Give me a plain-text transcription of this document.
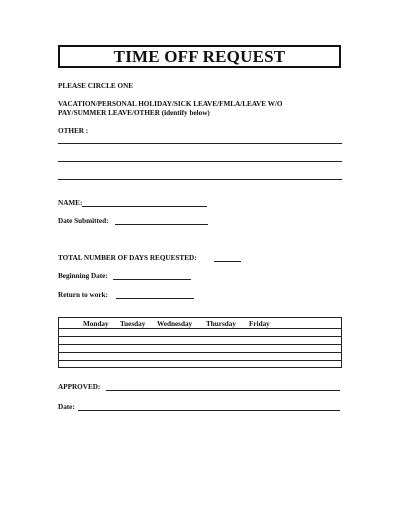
TIME OFF REQUEST
PLEASE CIRCLE ONE
VACATION/PERSONAL HOLIDAY/SICK LEAVE/FMLA/LEAVE W/O
PAY/SUMMER LEAVE/OTHER (identify below)
OTHER :
NAME:
Date Submitted:
TOTAL NUMBER OF DAYS REQUESTED:
Beginning Date:
Return to work:
Monday Tuesday Wednesday Thursday Friday
APPROVED:
Date:
